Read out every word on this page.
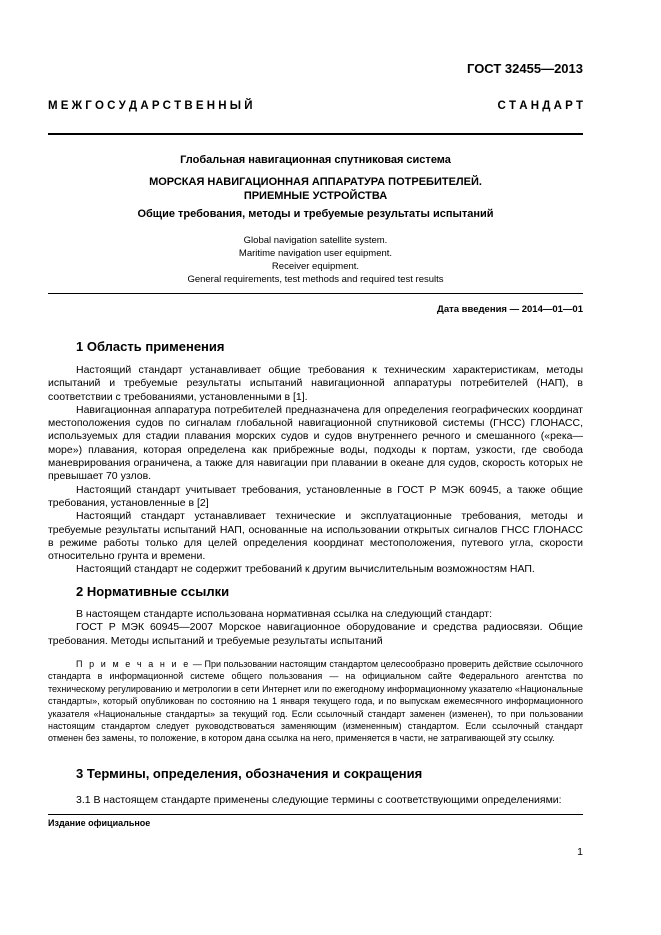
ГОСТ 32455—2013
М Е Ж Г О С У Д А Р С Т В Е Н Н Ы Й	С Т А Н Д А Р Т
Глобальная навигационная спутниковая система
МОРСКАЯ НАВИГАЦИОННАЯ АППАРАТУРА ПОТРЕБИТЕЛЕЙ.
ПРИЕМНЫЕ УСТРОЙСТВА
Общие требования, методы и требуемые результаты испытаний
Global navigation satellite system.
Maritime navigation user equipment.
Receiver equipment.
General requirements, test methods and required test results
Дата введения — 2014—01—01
1 Область применения

Настоящий стандарт устанавливает общие требования к техническим характеристикам, методы испытаний и требуемые результаты испытаний навигационной аппаратуры потребителей (НАП), в соответствии с требованиями, установленными в [1].

Навигационная аппаратура потребителей предназначена для определения географических координат местоположения судов по сигналам глобальной навигационной спутниковой системы (ГНСС) ГЛОНАСС, используемых для стадии плавания морских судов и судов внутреннего речного и смешанного («река—море») плавания, которая определена как прибрежные воды, подходы к портам, узкости, где свобода маневрирования ограничена, а также для навигации при плавании в океане для судов, скорость которых не превышает 70 узлов.

Настоящий стандарт учитывает требования, установленные в ГОСТ Р МЭК 60945, а также общие требования, установленные в [2]

Настоящий стандарт устанавливает технические и эксплуатационные требования, методы и требуемые результаты испытаний НАП, основанные на использовании открытых сигналов ГНСС ГЛОНАСС в режиме работы только для целей определения координат местоположения, путевого угла, скорости относительно грунта и времени.

Настоящий стандарт не содержит требований к другим вычислительным возможностям НАП.

2 Нормативные ссылки

В настоящем стандарте использована нормативная ссылка на следующий стандарт:

ГОСТ Р МЭК 60945—2007 Морское навигационное оборудование и средства радиосвязи. Общие требования. Методы испытаний и требуемые результаты испытаний

П р и м е ч а н и е — При пользовании настоящим стандартом целесообразно проверить действие ссылочного стандарта в информационной системе общего пользования — на официальном сайте Федерального агентства по техническому регулированию и метрологии в сети Интернет или по ежегодному информационному указателю «Национальные стандарты», который опубликован по состоянию на 1 января текущего года, и по выпускам ежемесячного информационного указателя «Национальные стандарты» за текущий год. Если ссылочный стандарт заменен (изменен), то при пользовании настоящим стандартом следует руководствоваться заменяющим (измененным) стандартом. Если ссылочный стандарт отменен без замены, то положение, в котором дана ссылка на него, применяется в части, не затрагивающей эту ссылку.

3 Термины, определения, обозначения и сокращения

3.1 В настоящем стандарте применены следующие термины с соответствующими определениями:

Издание официальное
1
